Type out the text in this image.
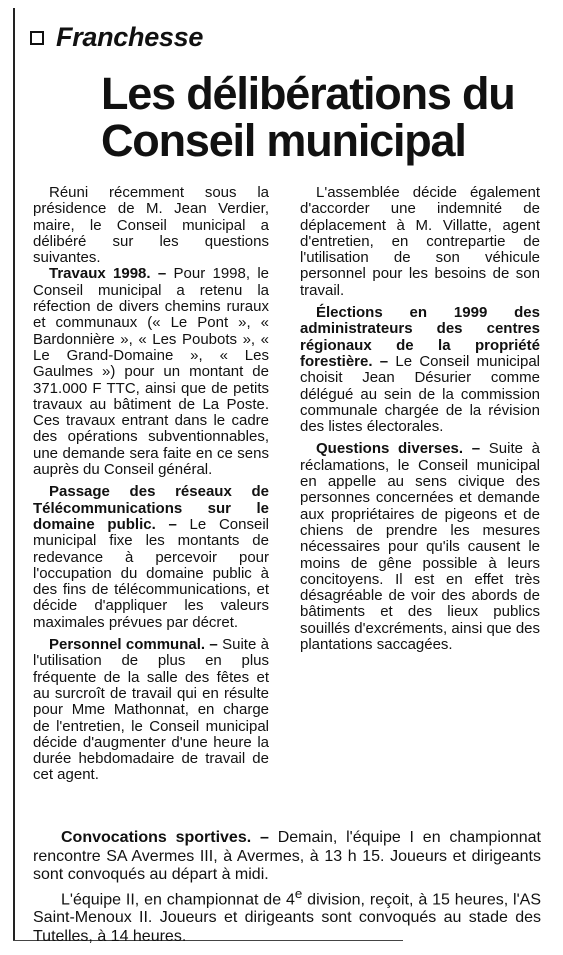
Franchesse
Les délibérations du Conseil municipal

Réuni récemment sous la présidence de M. Jean Verdier, maire, le Conseil municipal a délibéré sur les questions suivantes.

Travaux 1998. – Pour 1998, le Conseil municipal a retenu la réfection de divers chemins ruraux et communaux (« Le Pont », « Bardonnière », « Les Poubots », « Le Grand-Domaine », « Les Gaulmes ») pour un montant de 371.000 F TTC, ainsi que de petits travaux au bâtiment de La Poste. Ces travaux entrant dans le cadre des opérations subventionnables, une demande sera faite en ce sens auprès du Conseil général.

Passage des réseaux de Télécommunications sur le domaine public. – Le Conseil municipal fixe les montants de redevance à percevoir pour l'occupation du domaine public à des fins de télécommunications, et décide d'appliquer les valeurs maximales prévues par décret.

Personnel communal. – Suite à l'utilisation de plus en plus fréquente de la salle des fêtes et au surcroît de travail qui en résulte pour Mme Mathonnat, en charge de l'entretien, le Conseil municipal décide d'augmenter d'une heure la durée hebdomadaire de travail de cet agent.

L'assemblée décide également d'accorder une indemnité de déplacement à M. Villatte, agent d'entretien, en contrepartie de l'utilisation de son véhicule personnel pour les besoins de son travail.

Élections en 1999 des administrateurs des centres régionaux de la propriété forestière. – Le Conseil municipal choisit Jean Désurier comme délégué au sein de la commission communale chargée de la révision des listes électorales.

Questions diverses. – Suite à réclamations, le Conseil municipal en appelle au sens civique des personnes concernées et demande aux propriétaires de pigeons et de chiens de prendre les mesures nécessaires pour qu'ils causent le moins de gêne possible à leurs concitoyens. Il est en effet très désagréable de voir des abords de bâtiments et des lieux publics souillés d'excréments, ainsi que des plantations saccagées.

Convocations sportives. – Demain, l'équipe I en championnat rencontre SA Avermes III, à Avermes, à 13 h 15. Joueurs et dirigeants sont convoqués au départ à midi.

L'équipe II, en championnat de 4e division, reçoit, à 15 heures, l'AS Saint-Menoux II. Joueurs et dirigeants sont convoqués au stade des Tutelles, à 14 heures.
